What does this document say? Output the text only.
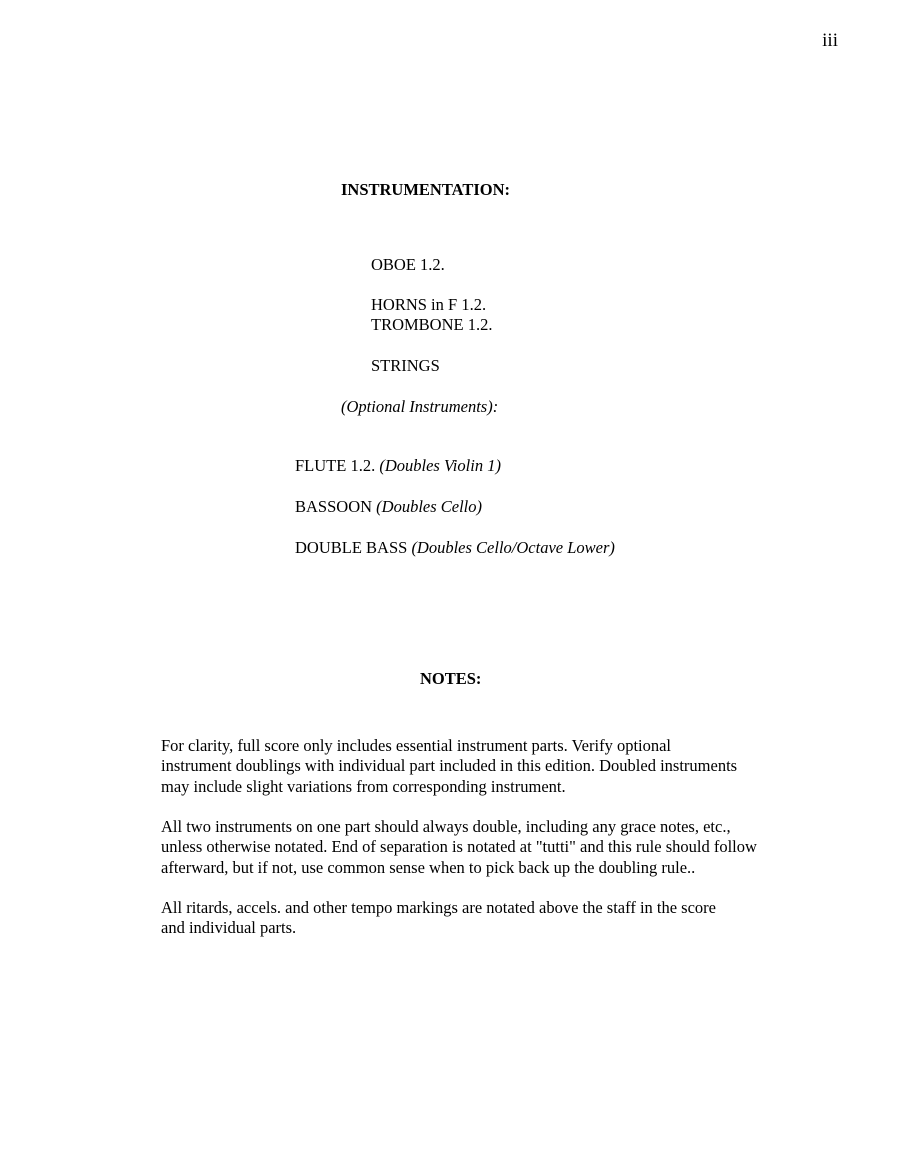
iii
INSTRUMENTATION:
OBOE 1.2.
HORNS in F 1.2.
TROMBONE 1.2.
STRINGS
(Optional Instruments):
FLUTE 1.2. (Doubles Violin 1)
BASSOON (Doubles Cello)
DOUBLE BASS (Doubles Cello/Octave Lower)
NOTES:
For clarity, full score only includes essential instrument parts. Verify optional
instrument doublings with individual part included in this edition. Doubled instruments
may include slight variations from corresponding instrument.
All two instruments on one part should always double, including any grace notes, etc.,
unless otherwise notated. End of separation is notated at "tutti" and this rule should follow
afterward, but if not, use common sense when to pick back up the doubling rule..
All ritards, accels. and other tempo markings are notated above the staff in the score
and individual parts.
